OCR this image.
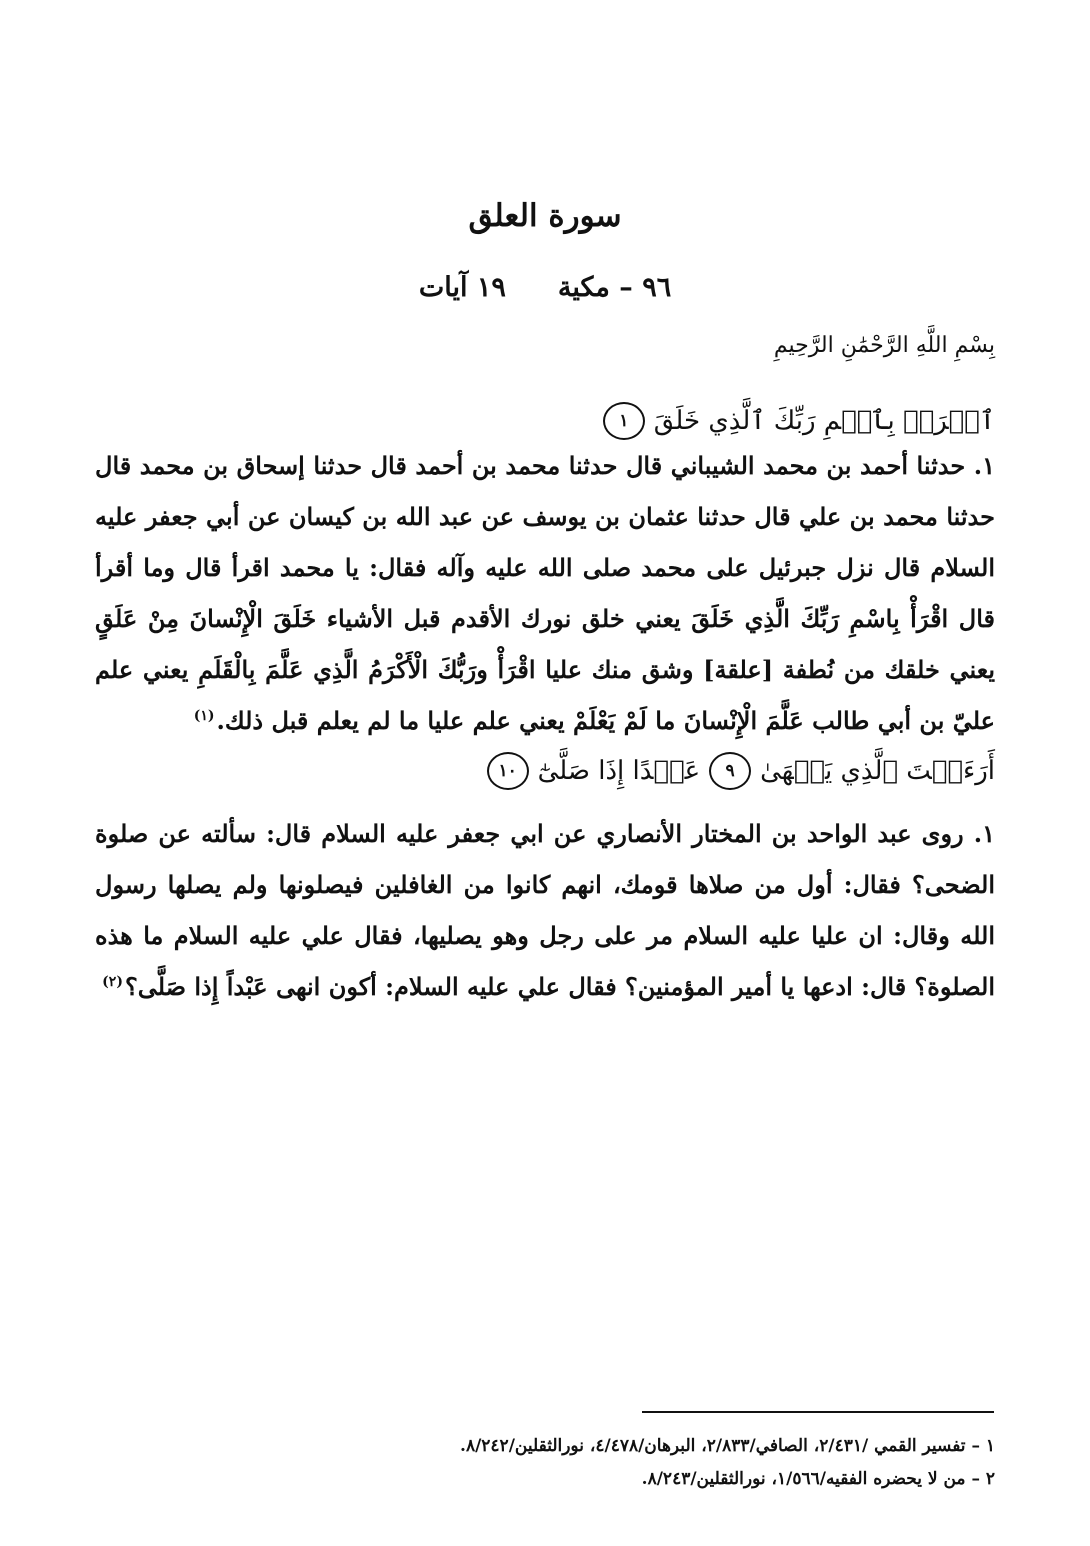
سورة العلق
٩٦ – مكية
١٩ آيات
بِسْمِ اللَّهِ الرَّحْمَٰنِ الرَّحِيمِ
ٱقۡرَأۡ بِٱسۡمِ رَبِّكَ ٱلَّذِي خَلَقَ
١
١. حدثنا أحمد بن محمد الشيباني قال حدثنا محمد بن أحمد قال حدثنا إسحاق بن محمد قال حدثنا محمد بن علي قال حدثنا عثمان بن يوسف عن عبد الله بن كيسان عن أبي جعفر عليه السلام قال نزل جبرئيل على محمد صلى الله عليه وآله فقال: يا محمد اقرأ قال وما أقرأ قال اقْرَأْ بِاسْمِ رَبِّكَ الَّذِي خَلَقَ يعني خلق نورك الأقدم قبل الأشياء خَلَقَ الْإِنْسانَ مِنْ عَلَقٍ يعني خلقك من نُطفة [علقة] وشق منك عليا اقْرَأْ ورَبُّكَ الْأَكْرَمُ الَّذِي عَلَّمَ بِالْقَلَمِ يعني علم عليّ بن أبي طالب عَلَّمَ الْإِنْسانَ ما لَمْ يَعْلَمْ يعني علم عليا ما لم يعلم قبل ذلك.$^{(١)}$
أَرَءَيۡتَ ٱلَّذِي يَنۡهَىٰ
٩
عَبۡدًا إِذَا صَلَّىٰٓ
١٠
١. روى عبد الواحد بن المختار الأنصاري عن ابي جعفر عليه السلام قال: سألته عن صلوة الضحى؟ فقال: أول من صلاها قومك، انهم كانوا من الغافلين فيصلونها ولم يصلها رسول الله وقال: ان عليا عليه السلام مر على رجل وهو يصليها، فقال علي عليه السلام ما هذه الصلوة؟ قال: ادعها يا أمير المؤمنين؟ فقال علي عليه السلام: أكون انهى عَبْداً إِذا صَلَّى؟$^{(٢)}$
١ – تفسير القمي /٢/٤٣١، الصافي/٢/٨٣٣، البرهان/٤/٤٧٨، نورالثقلين/٨/٢٤٢.
٢ – من لا يحضره الفقيه/١/٥٦٦، نورالثقلين/٨/٢٤٣.
